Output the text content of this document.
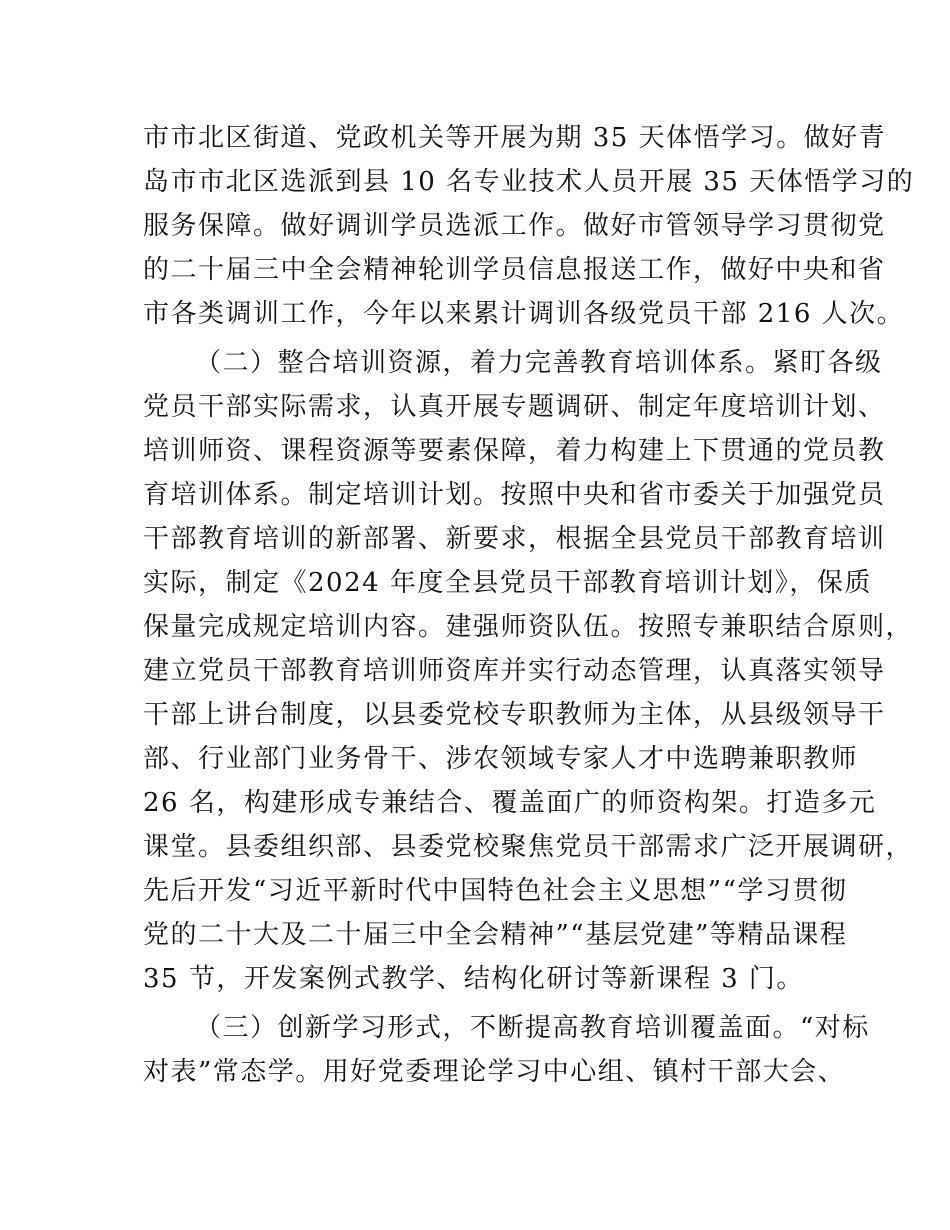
市市北区街道、党政机关等开展为期 35 天体悟学习。做好青
岛市市北区选派到县 10 名专业技术人员开展 35 天体悟学习的
服务保障。做好调训学员选派工作。做好市管领导学习贯彻党
的二十届三中全会精神轮训学员信息报送工作，做好中央和省
市各类调训工作，今年以来累计调训各级党员干部 216 人次。
（二）整合培训资源，着力完善教育培训体系。紧盯各级
党员干部实际需求，认真开展专题调研、制定年度培训计划、
培训师资、课程资源等要素保障，着力构建上下贯通的党员教
育培训体系。制定培训计划。按照中央和省市委关于加强党员
干部教育培训的新部署、新要求，根据全县党员干部教育培训
实际，制定《2024 年度全县党员干部教育培训计划》，保质
保量完成规定培训内容。建强师资队伍。按照专兼职结合原则，
建立党员干部教育培训师资库并实行动态管理，认真落实领导
干部上讲台制度，以县委党校专职教师为主体，从县级领导干
部、行业部门业务骨干、涉农领域专家人才中选聘兼职教师
26 名，构建形成专兼结合、覆盖面广的师资构架。打造多元
课堂。县委组织部、县委党校聚焦党员干部需求广泛开展调研，
先后开发“习近平新时代中国特色社会主义思想”“学习贯彻
党的二十大及二十届三中全会精神”“基层党建”等精品课程
35 节，开发案例式教学、结构化研讨等新课程 3 门。
（三）创新学习形式，不断提高教育培训覆盖面。“对标
对表”常态学。用好党委理论学习中心组、镇村干部大会、
